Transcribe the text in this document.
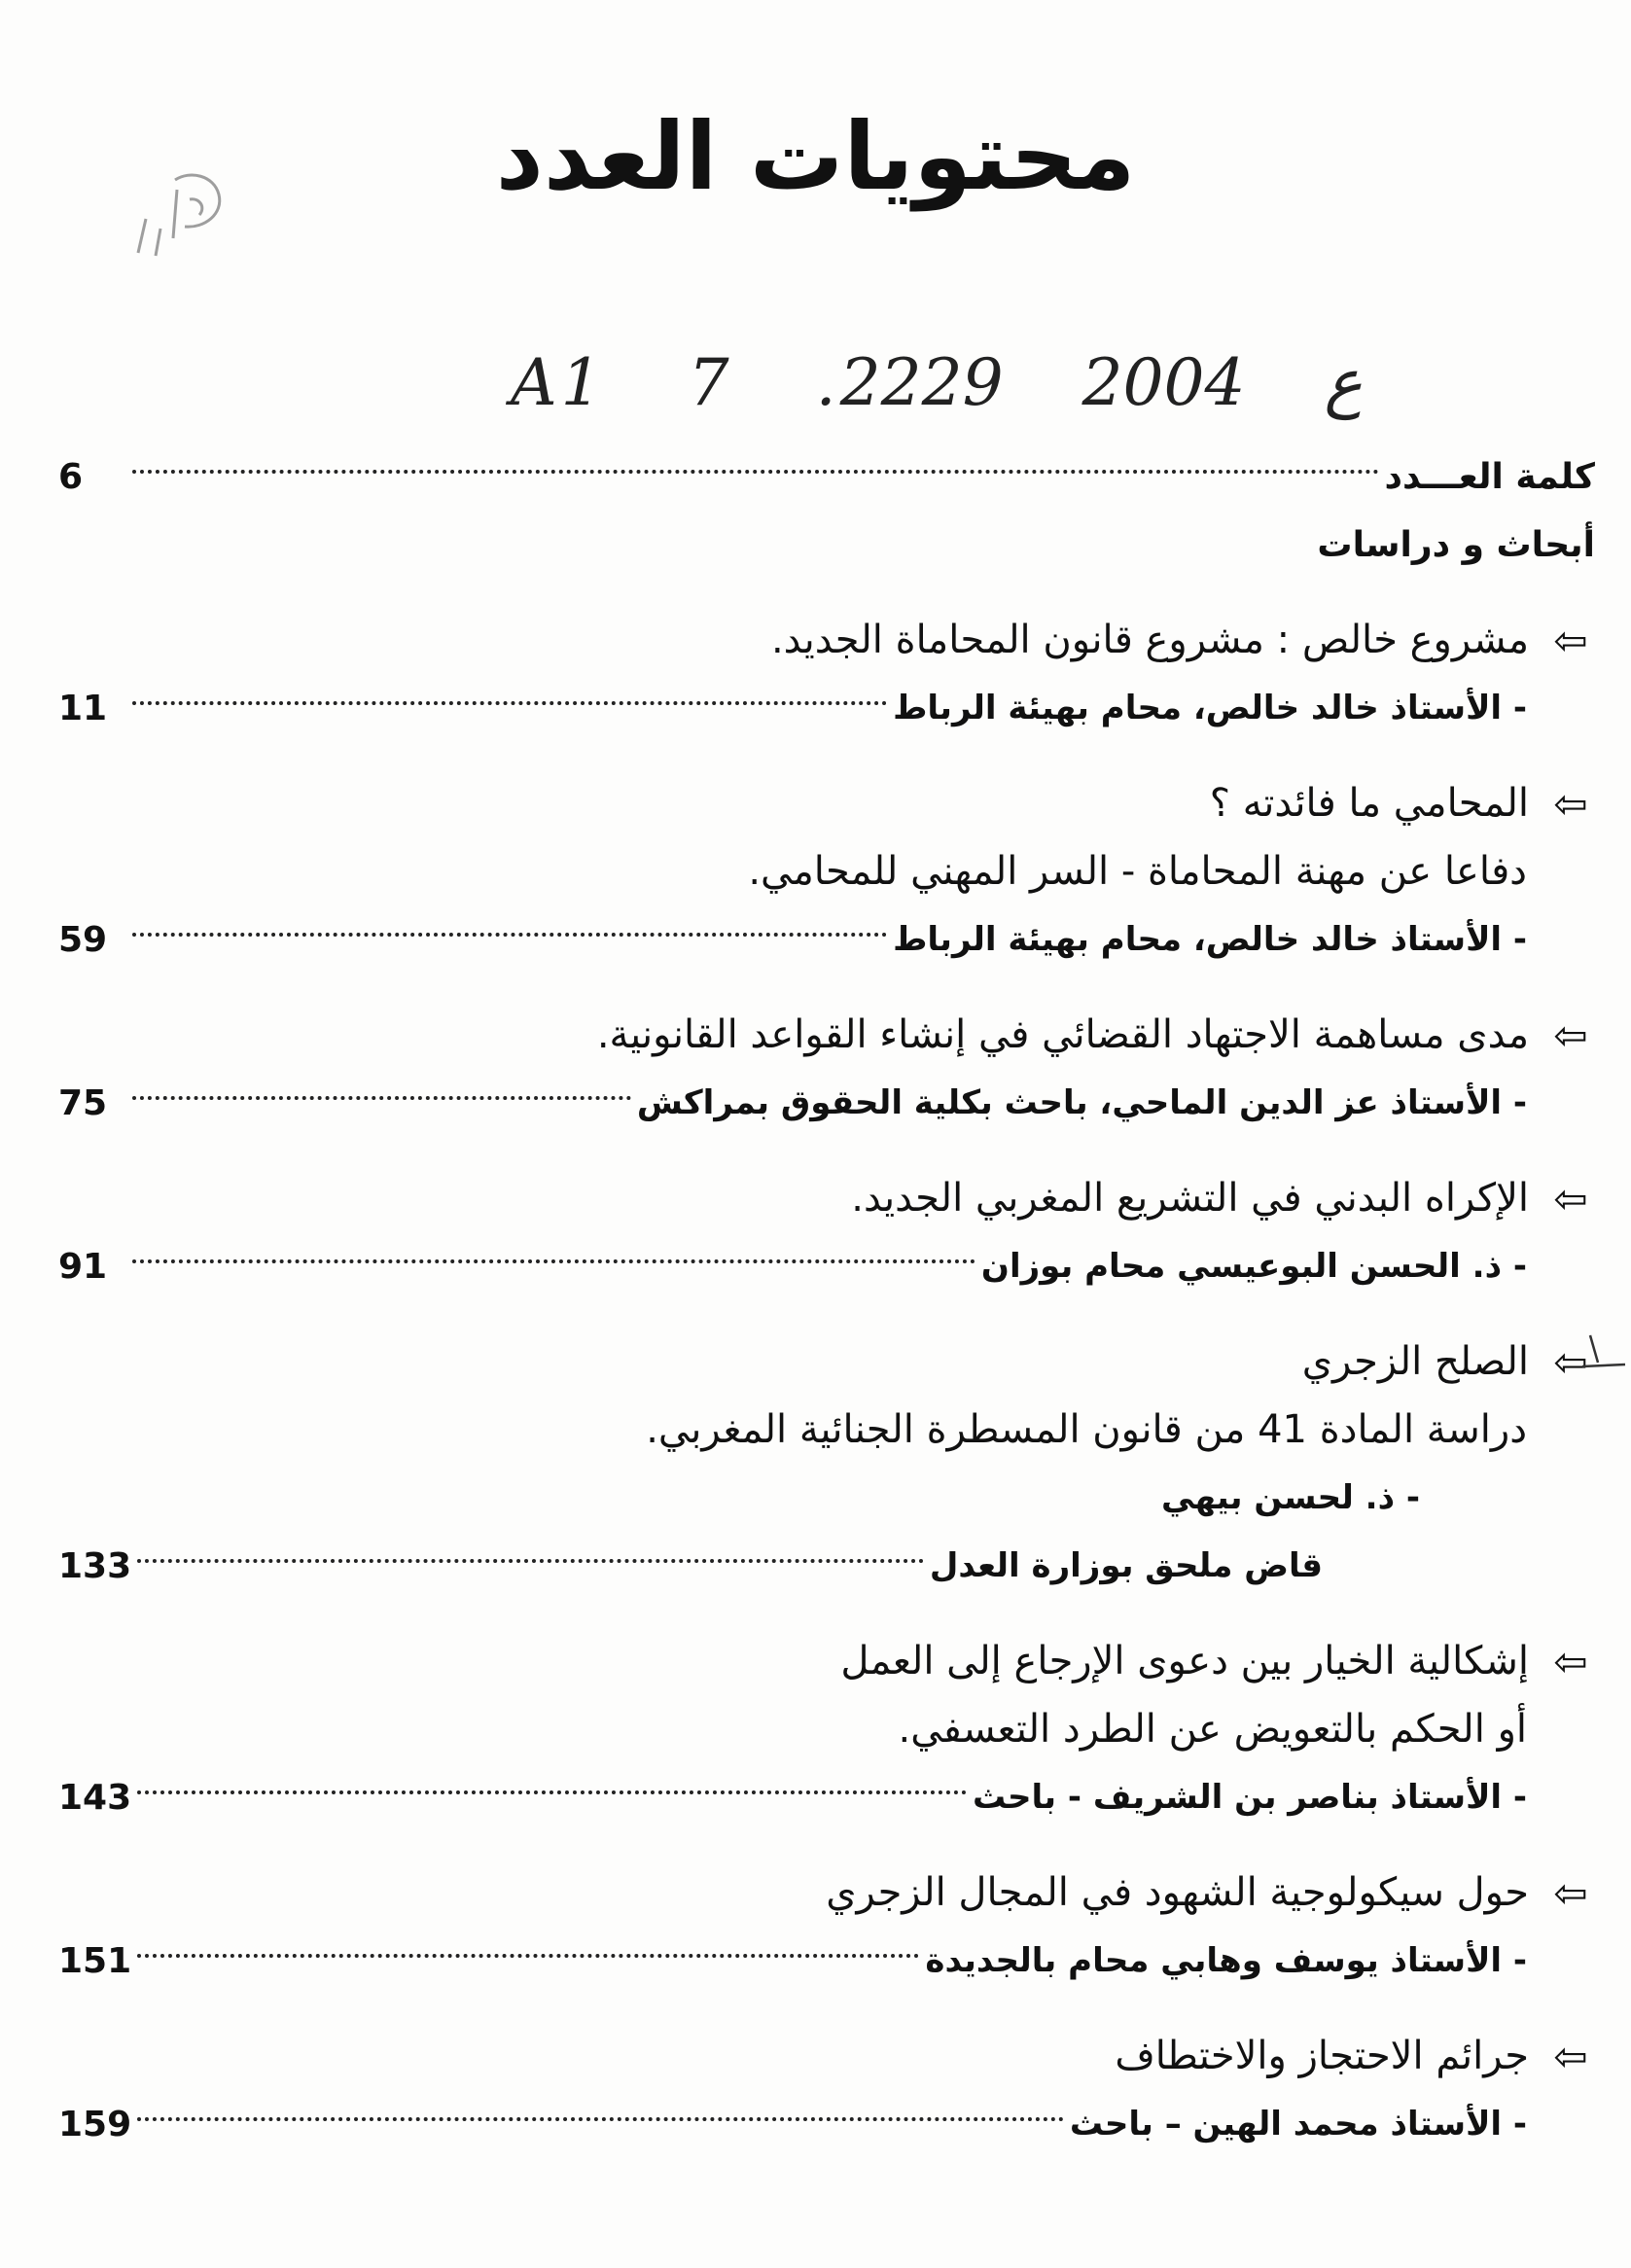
محتويات العدد
A1 7 .ع 2004 2229
كلمة العـــدد
6
أبحاث و دراسات
⇦
مشروع خالص : مشروع قانون المحاماة الجديد.
- الأستاذ خالد خالص، محام بهيئة الرباط
11
⇦
المحامي ما فائدته ؟
دفاعا عن مهنة المحاماة - السر المهني للمحامي.
- الأستاذ خالد خالص، محام بهيئة الرباط
59
⇦
مدى مساهمة الاجتهاد القضائي في إنشاء القواعد القانونية.
- الأستاذ عز الدين الماحي، باحث بكلية الحقوق بمراكش
75
⇦
الإكراه البدني في التشريع المغربي الجديد.
- ذ. الحسن البوعيسي محام بوزان
91
⇦
الصلح الزجري
دراسة المادة 41 من قانون المسطرة الجنائية المغربي.
- ذ. لحسن بيهي
قاض ملحق بوزارة العدل
133
⇦
إشكالية الخيار بين دعوى الإرجاع إلى العمل
أو الحكم بالتعويض عن الطرد التعسفي.
- الأستاذ بناصر بن الشريف - باحث
143
⇦
حول سيكولوجية الشهود في المجال الزجري
- الأستاذ يوسف وهابي محام بالجديدة
151
⇦
جرائم الاحتجاز والاختطاف
- الأستاذ محمد الهين – باحث
159
